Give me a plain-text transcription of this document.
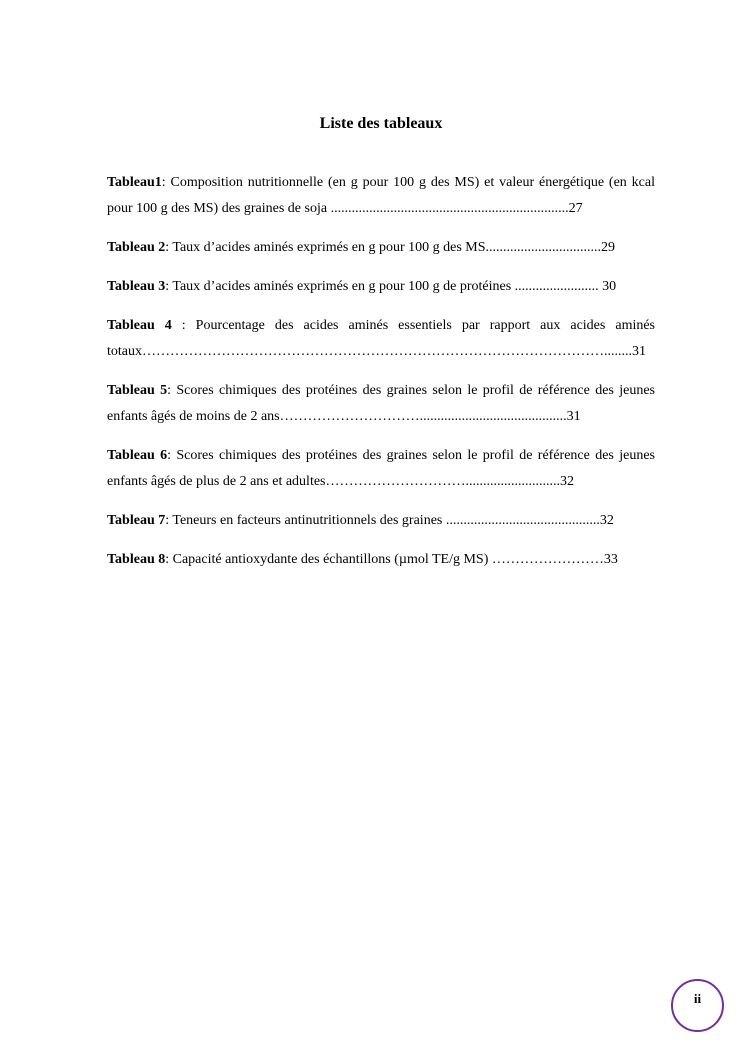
Liste des tableaux

Tableau1: Composition nutritionnelle (en g pour 100 g des MS) et valeur énergétique (en kcal pour 100 g des MS) des graines de soja ....................................................................27

Tableau 2: Taux d’acides aminés exprimés en g pour 100 g des MS.................................29

Tableau 3: Taux d’acides aminés exprimés en g pour 100 g de protéines ........................ 30

Tableau 4 : Pourcentage des acides aminés essentiels par rapport aux acides aminés totaux………………………………………………………………………………………........31

Tableau 5: Scores chimiques des protéines des graines selon le profil de référence des jeunes enfants âgés de moins de 2 ans…………………………..........................................31

Tableau 6: Scores chimiques des protéines des graines selon le profil de référence des jeunes enfants âgés de plus de 2 ans et adultes…………………………...........................32

Tableau 7: Teneurs en facteurs antinutritionnels des graines ............................................32

Tableau 8: Capacité antioxydante des échantillons (µmol TE/g MS) ……………………33

ii
